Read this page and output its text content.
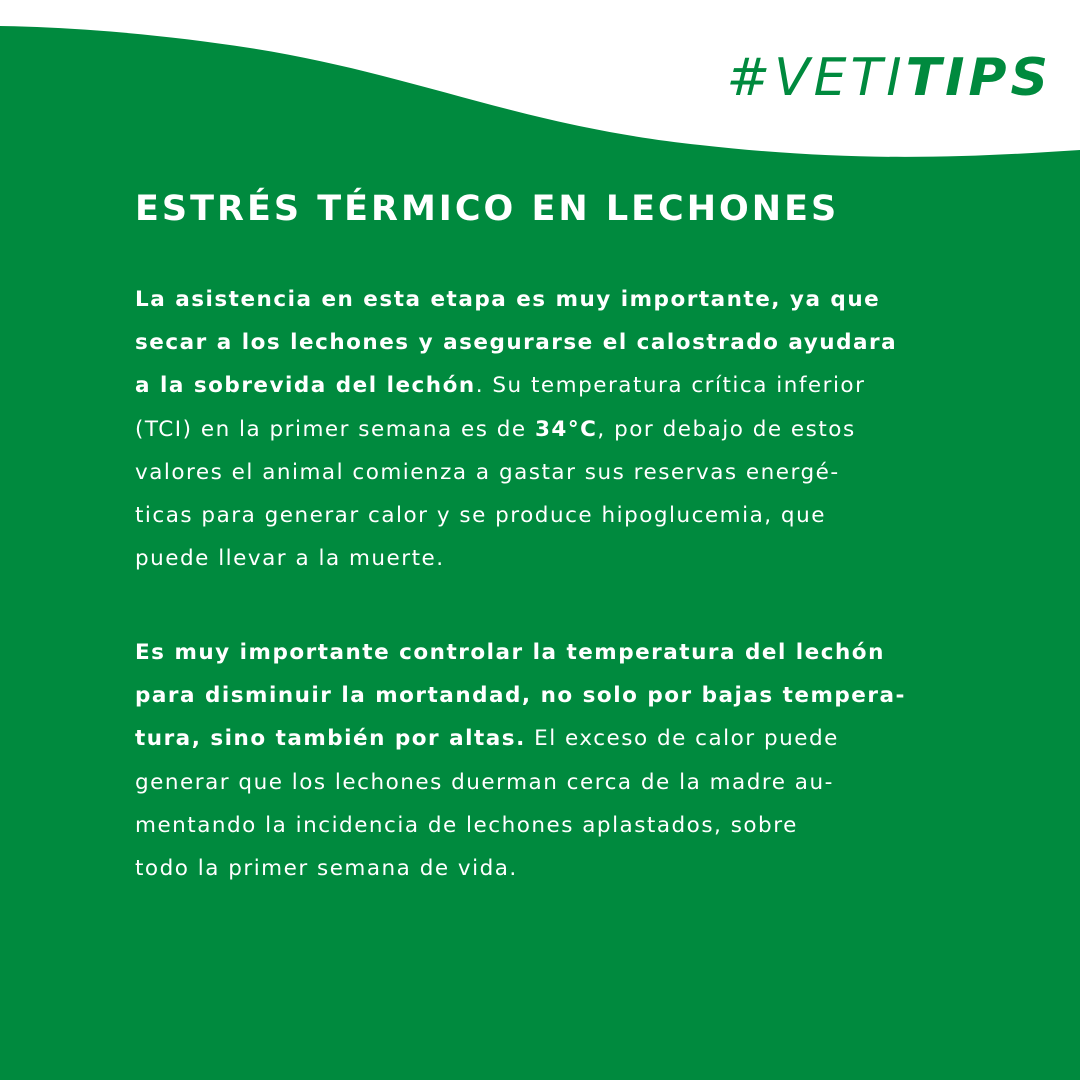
#VETITIPS
ESTRÉS TÉRMICO EN LECHONES

La asistencia en esta etapa es muy importante, ya que
secar a los lechones y asegurarse el calostrado ayudara
a la sobrevida del lechón. Su temperatura crítica inferior
(TCI) en la primer semana es de 34°C, por debajo de estos
valores el animal comienza a gastar sus reservas energé-
ticas para generar calor y se produce hipoglucemia, que
puede llevar a la muerte.

Es muy importante controlar la temperatura del lechón
para disminuir la mortandad, no solo por bajas tempera-
tura, sino también por altas. El exceso de calor puede
generar que los lechones duerman cerca de la madre au-
mentando la incidencia de lechones aplastados, sobre
todo la primer semana de vida.
